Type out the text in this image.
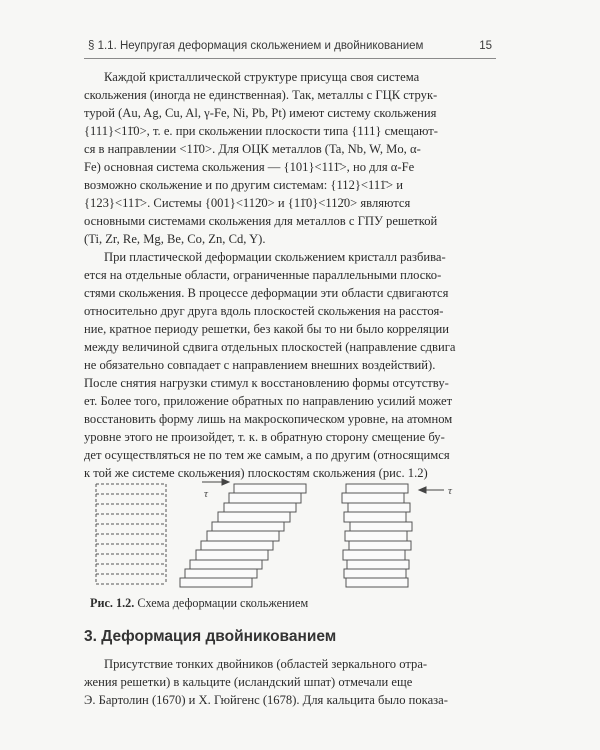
§ 1.1. Неупругая деформация скольжением и двойникованием	15

Каждой кристаллической структуре присуща своя система
скольжения (иногда не единственная). Так, металлы с ГЦК струк-
турой (Au, Ag, Cu, Al, γ-Fe, Ni, Pb, Pt) имеют систему скольжения
{111}<11̄0>, т. е. при скольжении плоскости типа {111} смещают-
ся в направлении <11̄0>. Для ОЦК металлов (Ta, Nb, W, Mo, α-
Fe) основная система скольжения — {101}<111̄>, но для α-Fe
возможно скольжение и по другим системам: {112}<111̄> и
{123}<111̄>. Системы {001}<112̄0> и {11̄0}<112̄0> являются
основными системами скольжения для металлов с ГПУ решеткой
(Ti, Zr, Re, Mg, Be, Co, Zn, Cd, Y).

При пластической деформации скольжением кристалл разбива-
ется на отдельные области, ограниченные параллельными плоско-
стями скольжения. В процессе деформации эти области сдвигаются
относительно друг друга вдоль плоскостей скольжения на расстоя-
ние, кратное периоду решетки, без какой бы то ни было корреляции
между величиной сдвига отдельных плоскостей (направление сдвига
не обязательно совпадает с направлением внешних воздействий).
После снятия нагрузки стимул к восстановлению формы отсутству-
ет. Более того, приложение обратных по направлению усилий может
восстановить форму лишь на макроскопическом уровне, на атомном
уровне этого не произойдет, т. к. в обратную сторону смещение бу-
дет осуществляться не по тем же самым, а по другим (относящимся
к той же системе скольжения) плоскостям скольжения (рис. 1.2)

τ	τ
Рис. 1.2. Схема деформации скольжением
3. Деформация двойникованием

Присутствие тонких двойников (областей зеркального отра-
жения решетки) в кальците (исландский шпат) отмечали еще
Э. Бартолин (1670) и Х. Гюйгенс (1678). Для кальцита было показа-
